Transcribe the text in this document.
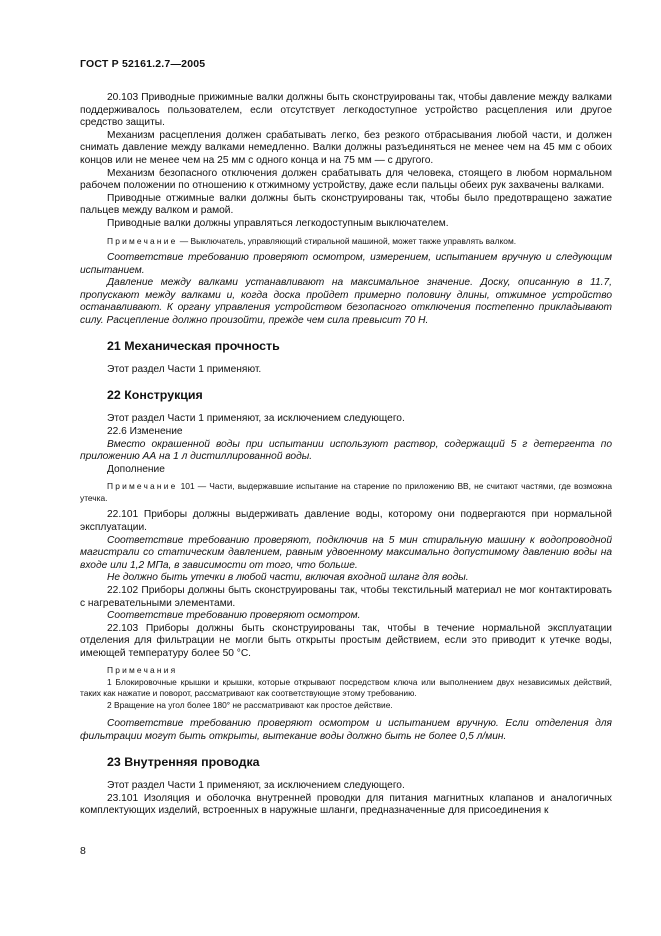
ГОСТ Р 52161.2.7—2005

20.103 Приводные прижимные валки должны быть сконструированы так, чтобы давление между валками поддерживалось пользователем, если отсутствует легкодоступное устройство расцепления или другое средство защиты.

Механизм расцепления должен срабатывать легко, без резкого отбрасывания любой части, и должен снимать давление между валками немедленно. Валки должны разъединяться не менее чем на 45 мм с обоих концов или не менее чем на 25 мм с одного конца и на 75 мм — с другого.

Механизм безопасного отключения должен срабатывать для человека, стоящего в любом нормальном рабочем положении по отношению к отжимному устройству, даже если пальцы обеих рук захвачены валками.

Приводные отжимные валки должны быть сконструированы так, чтобы было предотвращено зажатие пальцев между валком и рамой.

Приводные валки должны управляться легкодоступным выключателем.

Примечание — Выключатель, управляющий стиральной машиной, может также управлять валком.

Соответствие требованию проверяют осмотром, измерением, испытанием вручную и следующим испытанием.

Давление между валками устанавливают на максимальное значение. Доску, описанную в 11.7, пропускают между валками и, когда доска пройдет примерно половину длины, отжимное устройство останавливают. К органу управления устройством безопасного отключения постепенно прикладывают силу. Расцепление должно произойти, прежде чем сила превысит 70 Н.

21 Механическая прочность

Этот раздел Части 1 применяют.

22 Конструкция

Этот раздел Части 1 применяют, за исключением следующего.

22.6 Изменение

Вместо окрашенной воды при испытании используют раствор, содержащий 5 г детергента по приложению АА на 1 л дистиллированной воды.

Дополнение

Примечание 101 — Части, выдержавшие испытание на старение по приложению ВВ, не считают частями, где возможна утечка.

22.101 Приборы должны выдерживать давление воды, которому они подвергаются при нормальной эксплуатации.

Соответствие требованию проверяют, подключив на 5 мин стиральную машину к водопроводной магистрали со статическим давлением, равным удвоенному максимально допустимому давлению воды на входе или 1,2 МПа, в зависимости от того, что больше.

Не должно быть утечки в любой части, включая входной шланг для воды.

22.102 Приборы должны быть сконструированы так, чтобы текстильный материал не мог контактировать с нагревательными элементами.

Соответствие требованию проверяют осмотром.

22.103 Приборы должны быть сконструированы так, чтобы в течение нормальной эксплуатации отделения для фильтрации не могли быть открыты простым действием, если это приводит к утечке воды, имеющей температуру более 50 °С.

Примечания

1 Блокировочные крышки и крышки, которые открывают посредством ключа или выполнением двух независимых действий, таких как нажатие и поворот, рассматривают как соответствующие этому требованию.

2 Вращение на угол более 180° не рассматривают как простое действие.

Соответствие требованию проверяют осмотром и испытанием вручную. Если отделения для фильтрации могут быть открыты, вытекание воды должно быть не более 0,5 л/мин.

23 Внутренняя проводка

Этот раздел Части 1 применяют, за исключением следующего.

23.101 Изоляция и оболочка внутренней проводки для питания магнитных клапанов и аналогичных комплектующих изделий, встроенных в наружные шланги, предназначенные для присоединения к

8
